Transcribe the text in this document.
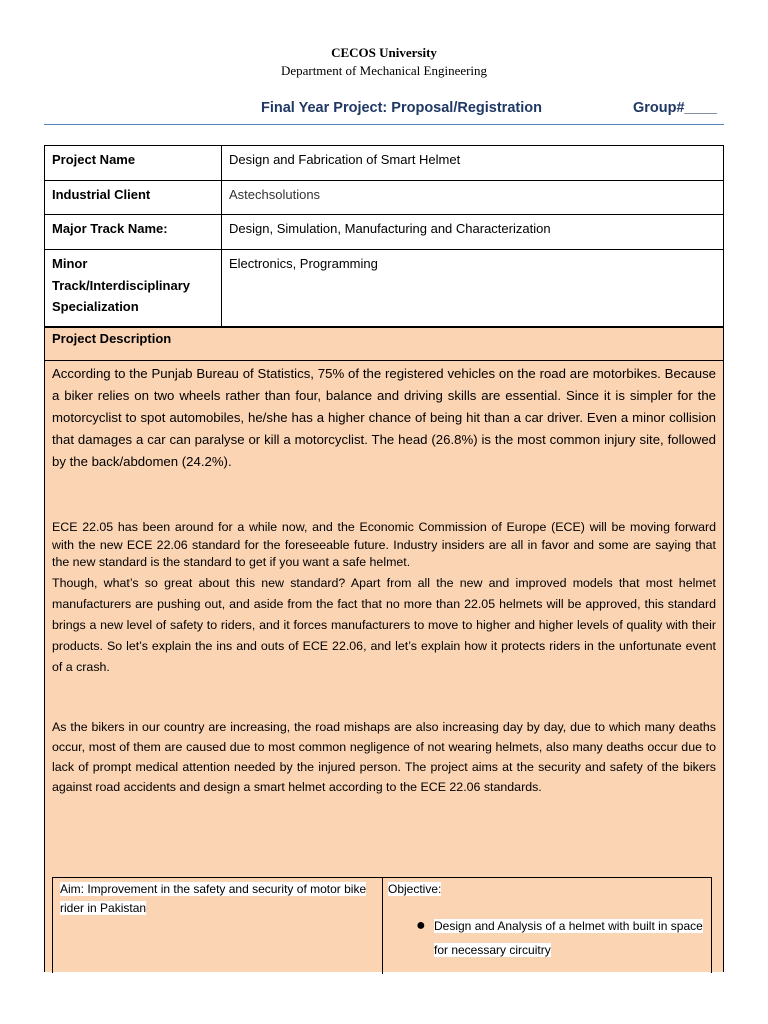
CECOS University
Department of Mechanical Engineering
Final Year Project: Proposal/Registration	Group#____
Project Name	Design and Fabrication of Smart Helmet
Industrial Client	Astechsolutions
Major Track Name:	Design, Simulation, Manufacturing and Characterization
Minor Track/Interdisciplinary Specialization	Electronics, Programming
Project Description

According to the Punjab Bureau of Statistics, 75% of the registered vehicles on the road are motorbikes. Because a biker relies on two wheels rather than four, balance and driving skills are essential. Since it is simpler for the motorcyclist to spot automobiles, he/she has a higher chance of being hit than a car driver. Even a minor collision that damages a car can paralyse or kill a motorcyclist. The head (26.8%) is the most common injury site, followed by the back/abdomen (24.2%).

ECE 22.05 has been around for a while now, and the Economic Commission of Europe (ECE) will be moving forward with the new ECE 22.06 standard for the foreseeable future. Industry insiders are all in favor and some are saying that the new standard is the standard to get if you want a safe helmet.

Though, what’s so great about this new standard? Apart from all the new and improved models that most helmet manufacturers are pushing out, and aside from the fact that no more than 22.05 helmets will be approved, this standard brings a new level of safety to riders, and it forces manufacturers to move to higher and higher levels of quality with their products. So let’s explain the ins and outs of ECE 22.06, and let’s explain how it protects riders in the unfortunate event of a crash.

As the bikers in our country are increasing, the road mishaps are also increasing day by day, due to which many deaths occur, most of them are caused due to most common negligence of not wearing helmets, also many deaths occur due to lack of prompt medical attention needed by the injured person. The project aims at the security and safety of the bikers against road accidents and design a smart helmet according to the ECE 22.06 standards.

Aim: Improvement in the safety and security of motor bike rider in Pakistan
Objective:
● Design and Analysis of a helmet with built in space for necessary circuitry
